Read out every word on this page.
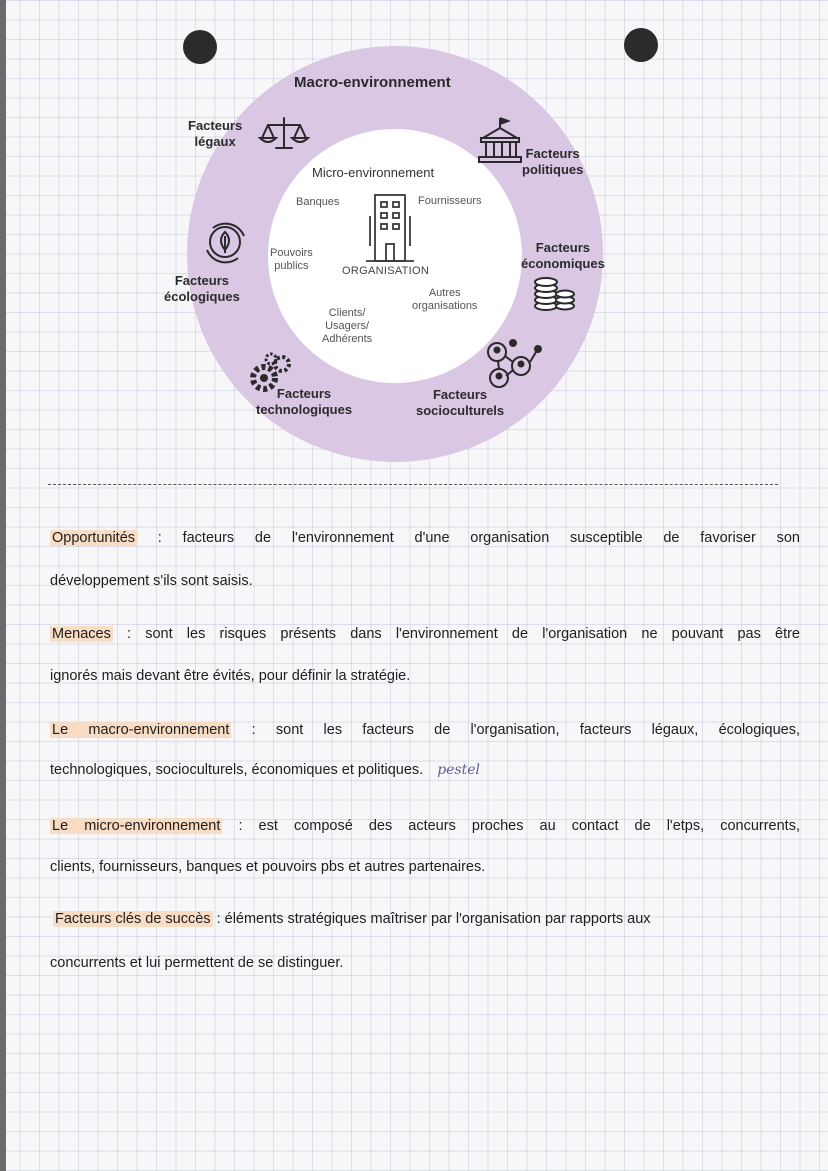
Macro-environnement
Facteurs
légaux
Facteurs
politiques
Facteurs
économiques
Facteurs
écologiques
Facteurs
technologiques
Facteurs
socioculturels
Micro-environnement
Banques	Fournisseurs
Pouvoirs
publics	ORGANISATION
Autres
organisations
Clients/
Usagers/
Adhérents
Opportunités : facteurs de l'environnement d'une organisation susceptible de favoriser son
développement s'ils sont saisis.
Menaces : sont les risques présents dans l'environnement de l'organisation ne pouvant pas être
ignorés mais devant être évités, pour définir la stratégie.
Le macro-environnement : sont les facteurs de l'organisation, facteurs légaux, écologiques,
technologiques, socioculturels, économiques et politiques. pestel
Le micro-environnement : est composé des acteurs proches au contact de l'etps, concurrents,
clients, fournisseurs, banques et pouvoirs pbs et autres partenaires.
Facteurs clés de succès : éléments stratégiques maîtriser par l'organisation par rapports aux
concurrents et lui permettent de se distinguer.
